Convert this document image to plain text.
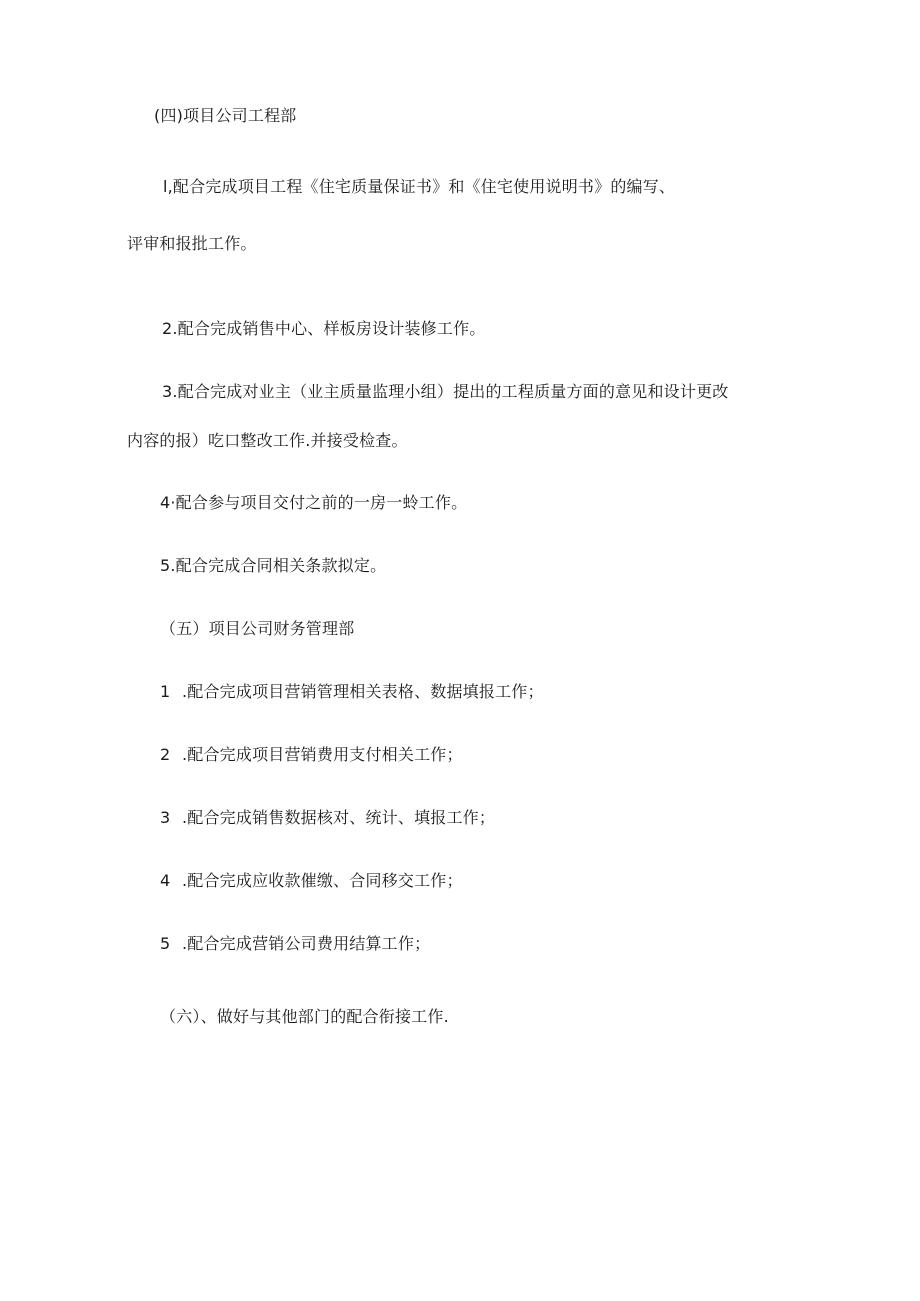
(四)项目公司工程部
l,配合完成项目工程《住宅质量保证书》和《住宅使用说明书》的编写、
评审和报批工作。
2.配合完成销售中心、样板房设计装修工作。
3.配合完成对业主（业主质量监理小组）提出的工程质量方面的意见和设计更改
内容的报）吃口整改工作.并接受检查。
4·配合参与项目交付之前的一房一蛉工作。
5.配合完成合同相关条款拟定。
（五）项目公司财务管理部
1 .配合完成项目营销管理相关表格、数据填报工作；
2 .配合完成项目营销费用支付相关工作；
3 .配合完成销售数据核对、统计、填报工作；
4 .配合完成应收款催缴、合同移交工作；
5 .配合完成营销公司费用结算工作；
（六）、做好与其他部门的配合衔接工作.
